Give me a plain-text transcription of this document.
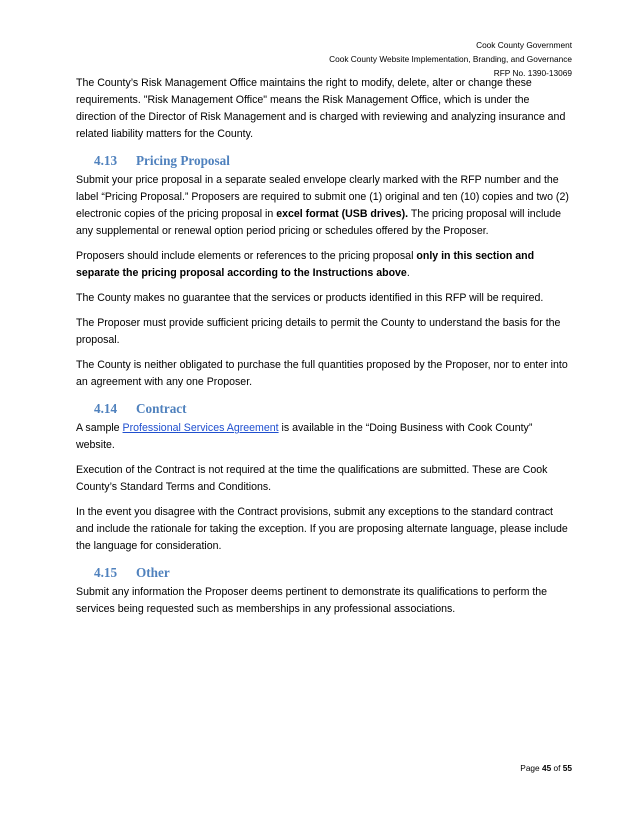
Cook County Government
Cook County Website Implementation, Branding, and Governance
RFP No. 1390-13069

The County’s Risk Management Office maintains the right to modify, delete, alter or change these requirements. "Risk Management Office" means the Risk Management Office, which is under the direction of the Director of Risk Management and is charged with reviewing and analyzing insurance and related liability matters for the County.

4.13 Pricing Proposal

Submit your price proposal in a separate sealed envelope clearly marked with the RFP number and the label “Pricing Proposal.” Proposers are required to submit one (1) original and ten (10) copies and two (2) electronic copies of the pricing proposal in excel format (USB drives). The pricing proposal will include any supplemental or renewal option period pricing or schedules offered by the Proposer.

Proposers should include elements or references to the pricing proposal only in this section and separate the pricing proposal according to the Instructions above.

The County makes no guarantee that the services or products identified in this RFP will be required.

The Proposer must provide sufficient pricing details to permit the County to understand the basis for the proposal.

The County is neither obligated to purchase the full quantities proposed by the Proposer, nor to enter into an agreement with any one Proposer.

4.14 Contract

A sample Professional Services Agreement is available in the “Doing Business with Cook County” website.

Execution of the Contract is not required at the time the qualifications are submitted. These are Cook County’s Standard Terms and Conditions.

In the event you disagree with the Contract provisions, submit any exceptions to the standard contract and include the rationale for taking the exception. If you are proposing alternate language, please include the language for consideration.

4.15 Other

Submit any information the Proposer deems pertinent to demonstrate its qualifications to perform the services being requested such as memberships in any professional associations.

Page 45 of 55
